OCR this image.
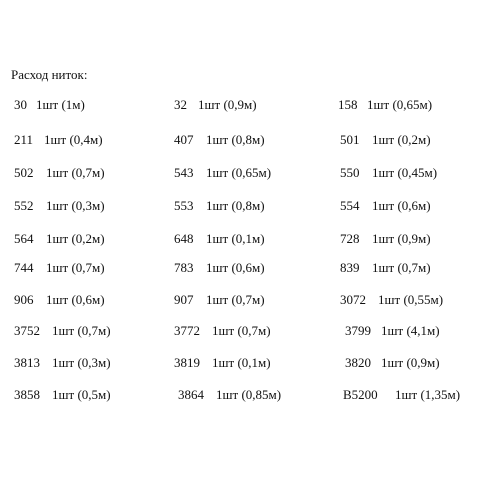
Расход ниток:
30 1шт (1м)	32 1шт (0,9м)	158 1шт (0,65м)
211 1шт (0,4м)	407 1шт (0,8м)	501 1шт (0,2м)
502 1шт (0,7м)	543 1шт (0,65м)	550 1шт (0,45м)
552 1шт (0,3м)	553 1шт (0,8м)	554 1шт (0,6м)
564 1шт (0,2м)	648 1шт (0,1м)	728 1шт (0,9м)
744 1шт (0,7м)	783 1шт (0,6м)	839 1шт (0,7м)
906 1шт (0,6м)	907 1шт (0,7м)	3072 1шт (0,55м)
3752 1шт (0,7м)	3772 1шт (0,7м)	3799 1шт (4,1м)
3813 1шт (0,3м)	3819 1шт (0,1м)	3820 1шт (0,9м)
3858 1шт (0,5м)	3864 1шт (0,85м)	B5200 1шт (1,35м)
